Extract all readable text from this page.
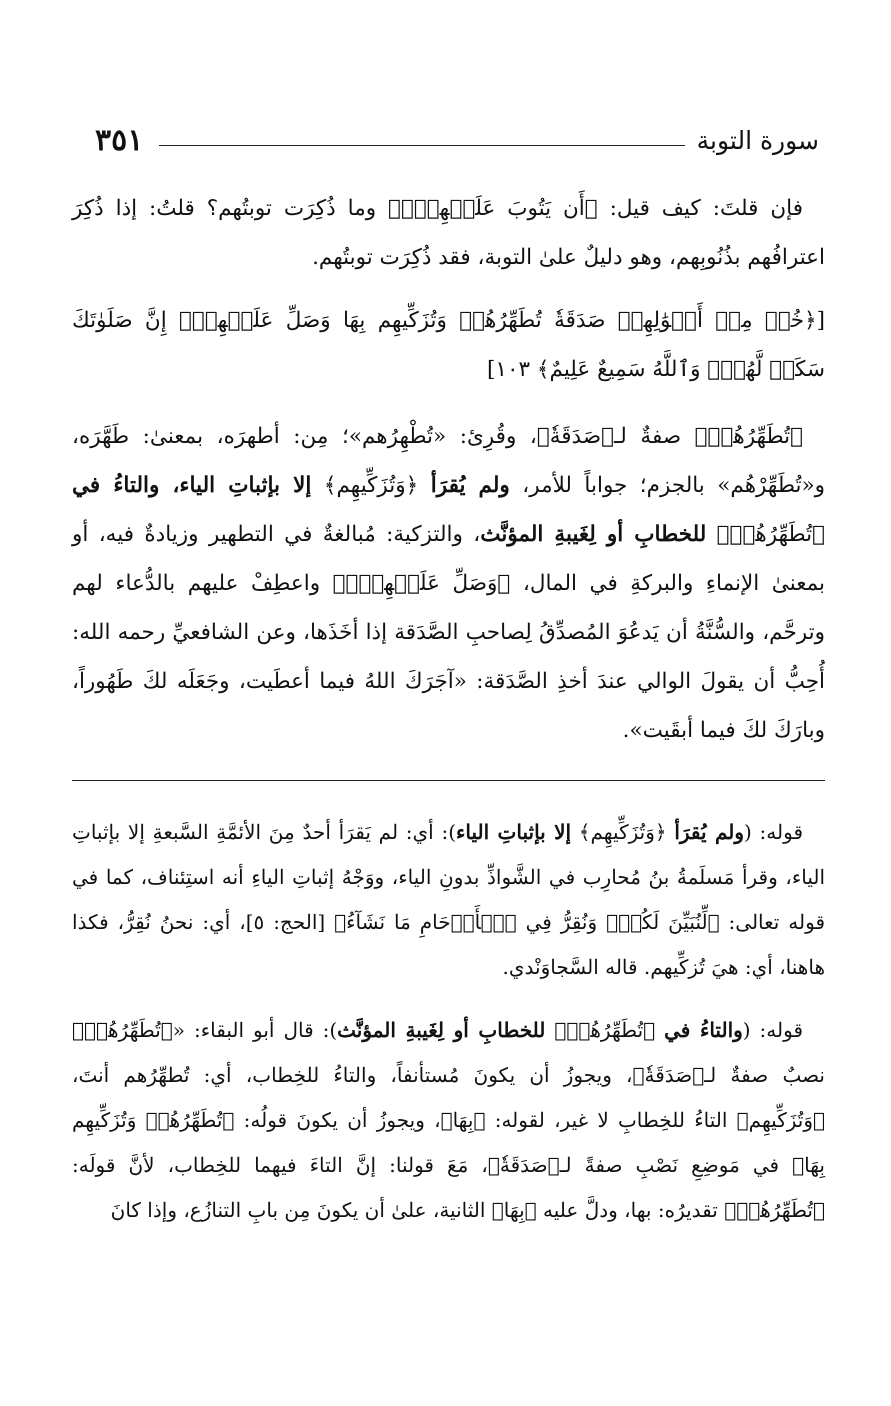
سورة التوبة
٣٥١

فإن قلتَ: كيف قيل: ﴿أَن يَتُوبَ عَلَيۡهِمۡۚ﴾ وما ذُكِرَت توبتُهم؟ قلتُ: إذا ذُكِرَ اعترافُهم بذُنُوبِهم، وهو دليلٌ علىٰ التوبة، فقد ذُكِرَت توبتُهم.

[﴿خُذۡ مِنۡ أَمۡوَٰلِهِمۡ صَدَقَةٗ تُطَهِّرُهُمۡ وَتُزَكِّيهِم بِهَا وَصَلِّ عَلَيۡهِمۡۖ إِنَّ صَلَوٰتَكَ سَكَنٞ لَّهُمۡۗ وَٱللَّهُ سَمِيعٌ عَلِيمٌ﴾ ١٠٣]

﴿تُطَهِّرُهُمۡ﴾ صفةٌ لـ﴿صَدَقَةٗ﴾، وقُرِئ: «تُطْهِرُهم»؛ مِن: أطهرَه، بمعنىٰ: طَهَّرَه، و«تُطَهِّرْهُم» بالجزم؛ جواباً للأمر، ولم يُقرَأ ﴿وَتُزَكِّيهِم﴾ إلا بإثباتِ الياء، والتاءُ في ﴿تُطَهِّرُهُمۡ﴾ للخطابِ أو لِغَيبةِ المؤنَّث، والتزكية: مُبالغةٌ في التطهير وزيادةٌ فيه، أو بمعنىٰ الإنماءِ والبركةِ في المال، ﴿وَصَلِّ عَلَيۡهِمۡۖ﴾ واعطِفْ عليهم بالدُّعاء لهم وترحَّم، والسُّنَّةُ أن يَدعُوَ المُصدِّقُ لِصاحبِ الصَّدَقة إذا أخَذَها، وعن الشافعيِّ رحمه الله: أُحِبُّ أن يقولَ الوالي عندَ أخذِ الصَّدَقة: «آجَرَكَ اللهُ فيما أعطَيت، وجَعَلَه لكَ طَهُوراً، وبارَكَ لكَ فيما أبقَيت».

قوله: (ولم يُقرَأ ﴿وَتُزَكِّيهِم﴾ إلا بإثباتِ الياء): أي: لم يَقرَأ أحدٌ مِنَ الأئمَّةِ السَّبعةِ إلا بإثباتِ الياء، وقرأ مَسلَمةُ بنُ مُحارِب في الشَّواذِّ بدونِ الياء، ووَجْهُ إثباتِ الياءِ أنه استِئناف، كما في قوله تعالى: ﴿لِّنُبَيِّنَ لَكُمۡۚ وَنُقِرُّ فِي ٱلۡأَرۡحَامِ مَا نَشَآءُ﴾ [الحج: ٥]، أي: نحنُ نُقِرُّ، فكذا هاهنا، أي: هيَ تُزكِّيهم. قاله السَّجاوَنْدي.

قوله: (والتاءُ في ﴿تُطَهِّرُهُمۡ﴾ للخطابِ أو لِغَيبةِ المؤنَّث): قال أبو البقاء: «﴿تُطَهِّرُهُمۡ﴾ نصبٌ صفةٌ لـ﴿صَدَقَةٗ﴾، ويجوزُ أن يكونَ مُستأنفاً، والتاءُ للخِطاب، أي: تُطهِّرُهم أنتَ، ﴿وَتُزَكِّيهِم﴾ التاءُ للخِطابِ لا غير، لقوله: ﴿بِهَا﴾، ويجوزُ أن يكونَ قولُه: ﴿تُطَهِّرُهُمۡ وَتُزَكِّيهِم بِهَا﴾ في مَوضِعِ نَصْبِ صفةً لـ﴿صَدَقَةٗ﴾، مَعَ قولنا: إنَّ التاءَ فيهما للخِطاب، لأنَّ قولَه: ﴿تُطَهِّرُهُمۡ﴾ تقديرُه: بها، ودلَّ عليه ﴿بِهَا﴾ الثانية، علىٰ أن يكونَ مِن بابِ التنازُع، وإذا كانَ
